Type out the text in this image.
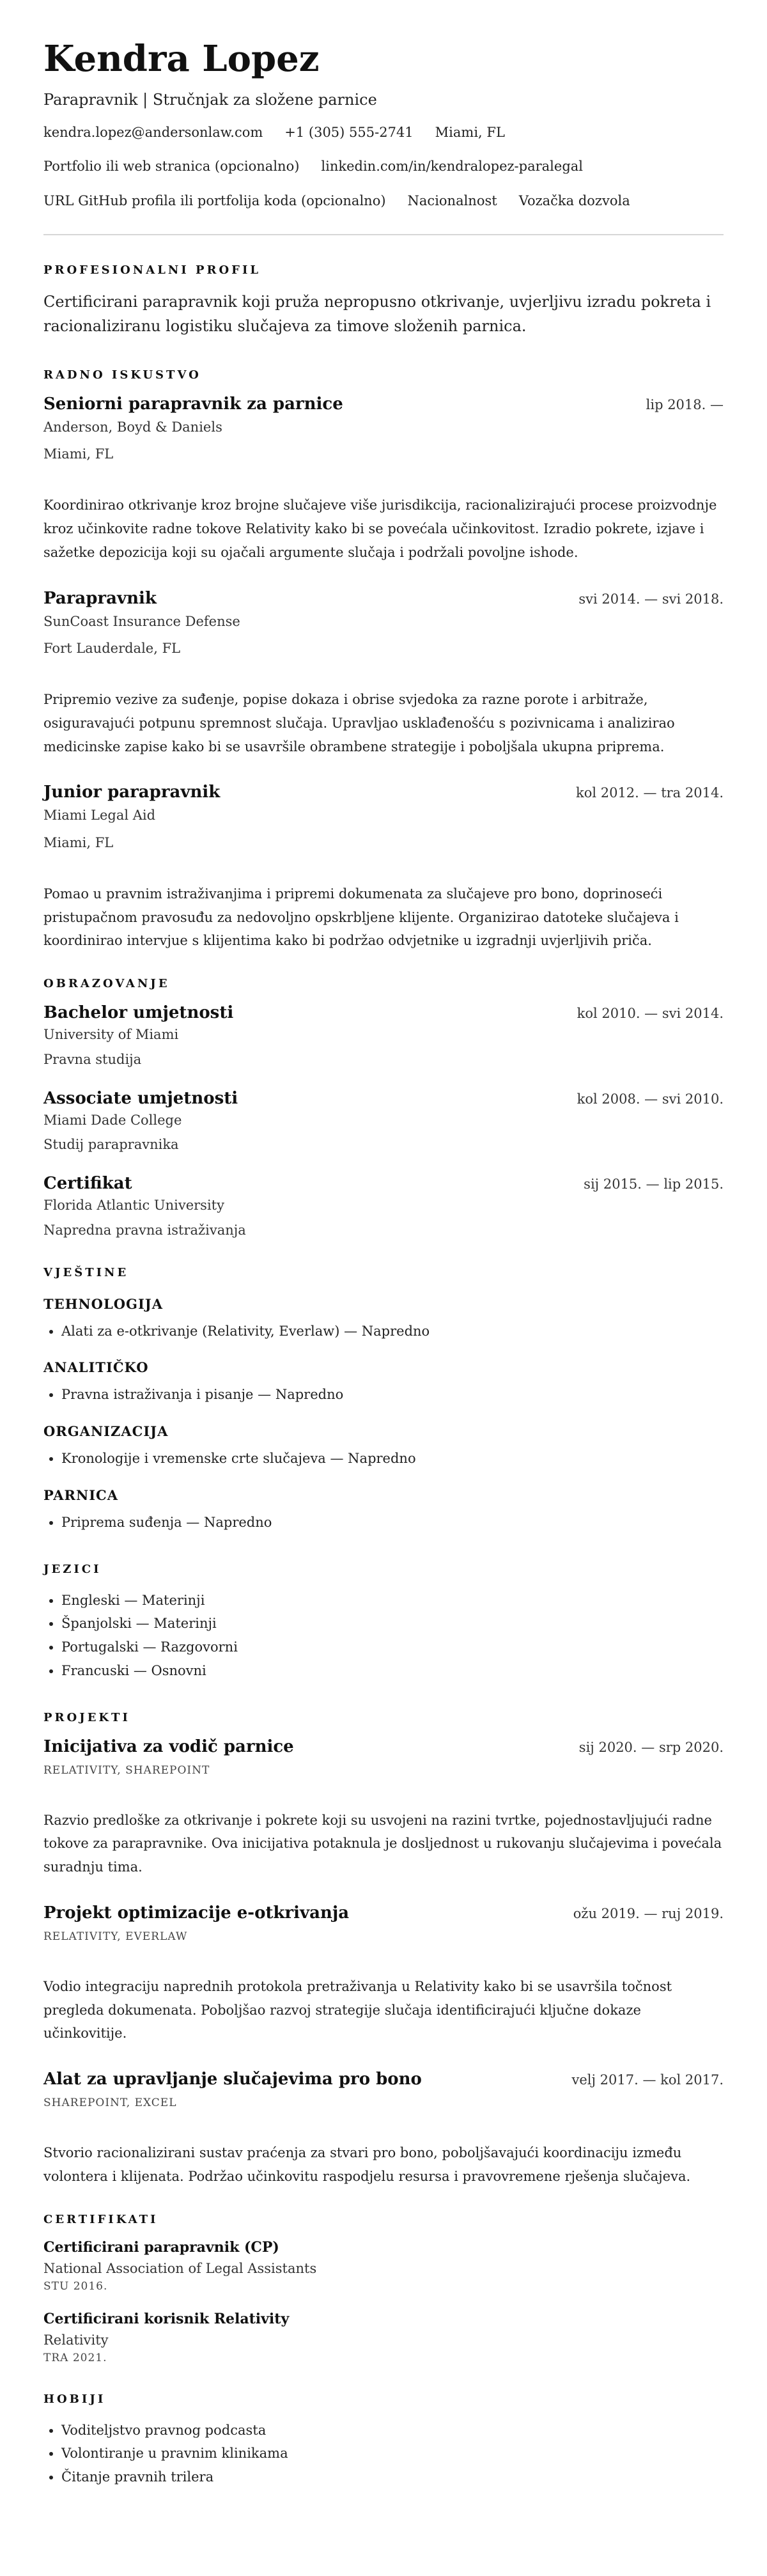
Kendra Lopez
Parapravnik | Stručnjak za složene parnice
kendra.lopez@andersonlaw.com +1 (305) 555-2741 Miami, FL
Portfolio ili web stranica (opcionalno) linkedin.com/in/kendralopez-paralegal
URL GitHub profila ili portfolija koda (opcionalno) Nacionalnost Vozačka dozvola
PROFESIONALNI PROFIL
Certificirani parapravnik koji pruža nepropusno otkrivanje, uvjerljivu izradu pokreta i racionaliziranu logistiku slučajeva za timove složenih parnica.
RADNO ISKUSTVO
Seniorni parapravnik za parnice	lip 2018. —
Anderson, Boyd & Daniels
Miami, FL
Koordinirao otkrivanje kroz brojne slučajeve više jurisdikcija, racionalizirajući procese proizvodnje kroz učinkovite radne tokove Relativity kako bi se povećala učinkovitost. Izradio pokrete, izjave i sažetke depozicija koji su ojačali argumente slučaja i podržali povoljne ishode.
Parapravnik	svi 2014. — svi 2018.
SunCoast Insurance Defense
Fort Lauderdale, FL
Pripremio vezive za suđenje, popise dokaza i obrise svjedoka za razne porote i arbitraže, osiguravajući potpunu spremnost slučaja. Upravljao usklađenošću s pozivnicama i analizirao medicinske zapise kako bi se usavršile obrambene strategije i poboljšala ukupna priprema.
Junior parapravnik	kol 2012. — tra 2014.
Miami Legal Aid
Miami, FL
Pomao u pravnim istraživanjima i pripremi dokumenata za slučajeve pro bono, doprinoseći pristupačnom pravosuđu za nedovoljno opskrbljene klijente. Organizirao datoteke slučajeva i koordinirao intervjue s klijentima kako bi podržao odvjetnike u izgradnji uvjerljivih priča.
OBRAZOVANJE
Bachelor umjetnosti	kol 2010. — svi 2014.
University of Miami
Pravna studija
Associate umjetnosti	kol 2008. — svi 2010.
Miami Dade College
Studij parapravnika
Certifikat	sij 2015. — lip 2015.
Florida Atlantic University
Napredna pravna istraživanja
VJEŠTINE
TEHNOLOGIJA
• Alati za e-otkrivanje (Relativity, Everlaw) — Napredno
ANALITIČKO
• Pravna istraživanja i pisanje — Napredno
ORGANIZACIJA
• Kronologije i vremenske crte slučajeva — Napredno
PARNICA
• Priprema suđenja — Napredno
JEZICI
• Engleski — Materinji
• Španjolski — Materinji
• Portugalski — Razgovorni
• Francuski — Osnovni
PROJEKTI
Inicijativa za vodič parnice	sij 2020. — srp 2020.
RELATIVITY, SHAREPOINT
Razvio predloške za otkrivanje i pokrete koji su usvojeni na razini tvrtke, pojednostavljujući radne tokove za parapravnike. Ova inicijativa potaknula je dosljednost u rukovanju slučajevima i povećala suradnju tima.
Projekt optimizacije e-otkrivanja	ožu 2019. — ruj 2019.
RELATIVITY, EVERLAW
Vodio integraciju naprednih protokola pretraživanja u Relativity kako bi se usavršila točnost pregleda dokumenata. Poboljšao razvoj strategije slučaja identificirajući ključne dokaze učinkovitije.
Alat za upravljanje slučajevima pro bono	velj 2017. — kol 2017.
SHAREPOINT, EXCEL
Stvorio racionalizirani sustav praćenja za stvari pro bono, poboljšavajući koordinaciju između volontera i klijenata. Podržao učinkovitu raspodjelu resursa i pravovremene rješenja slučajeva.
CERTIFIKATI
Certificirani parapravnik (CP)
National Association of Legal Assistants
STU 2016.
Certificirani korisnik Relativity
Relativity
TRA 2021.
HOBIJI
• Voditeljstvo pravnog podcasta
• Volontiranje u pravnim klinikama
• Čitanje pravnih trilera
